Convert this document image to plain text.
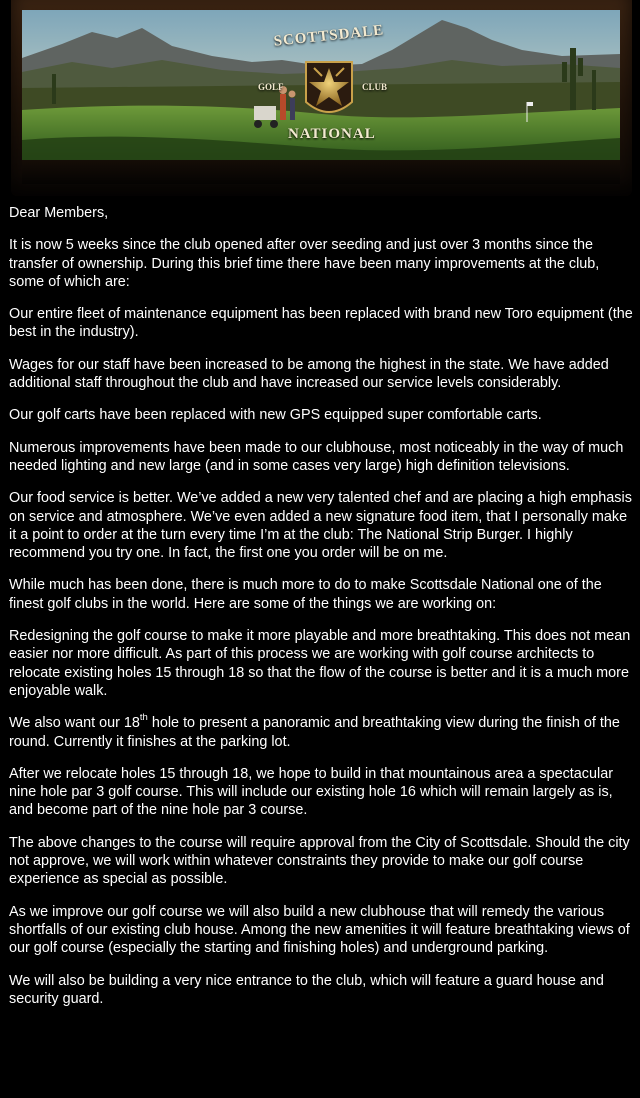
SCOTTSDALE
GOLF	CLUB
NATIONAL

Dear Members,

It is now 5 weeks since the club opened after over seeding and just over 3 months since the transfer of ownership. During this brief time there have been many improvements at the club, some of which are:

Our entire fleet of maintenance equipment has been replaced with brand new Toro equipment (the best in the industry).

Wages for our staff have been increased to be among the highest in the state. We have added additional staff throughout the club and have increased our service levels considerably.

Our golf carts have been replaced with new GPS equipped super comfortable carts.

Numerous improvements have been made to our clubhouse, most noticeably in the way of much needed lighting and new large (and in some cases very large) high definition televisions.

Our food service is better. We’ve added a new very talented chef and are placing a high emphasis on service and atmosphere. We’ve even added a new signature food item, that I personally make it a point to order at the turn every time I’m at the club: The National Strip Burger. I highly recommend you try one. In fact, the first one you order will be on me.

While much has been done, there is much more to do to make Scottsdale National one of the finest golf clubs in the world. Here are some of the things we are working on:

Redesigning the golf course to make it more playable and more breathtaking. This does not mean easier nor more difficult. As part of this process we are working with golf course architects to relocate existing holes 15 through 18 so that the flow of the course is better and it is a much more enjoyable walk.

We also want our 18th hole to present a panoramic and breathtaking view during the finish of the round. Currently it finishes at the parking lot.

After we relocate holes 15 through 18, we hope to build in that mountainous area a spectacular nine hole par 3 golf course. This will include our existing hole 16 which will remain largely as is, and become part of the nine hole par 3 course.

The above changes to the course will require approval from the City of Scottsdale. Should the city not approve, we will work within whatever constraints they provide to make our golf course experience as special as possible.

As we improve our golf course we will also build a new clubhouse that will remedy the various shortfalls of our existing club house. Among the new amenities it will feature breathtaking views of our golf course (especially the starting and finishing holes) and underground parking.

We will also be building a very nice entrance to the club, which will feature a guard house and security guard.
